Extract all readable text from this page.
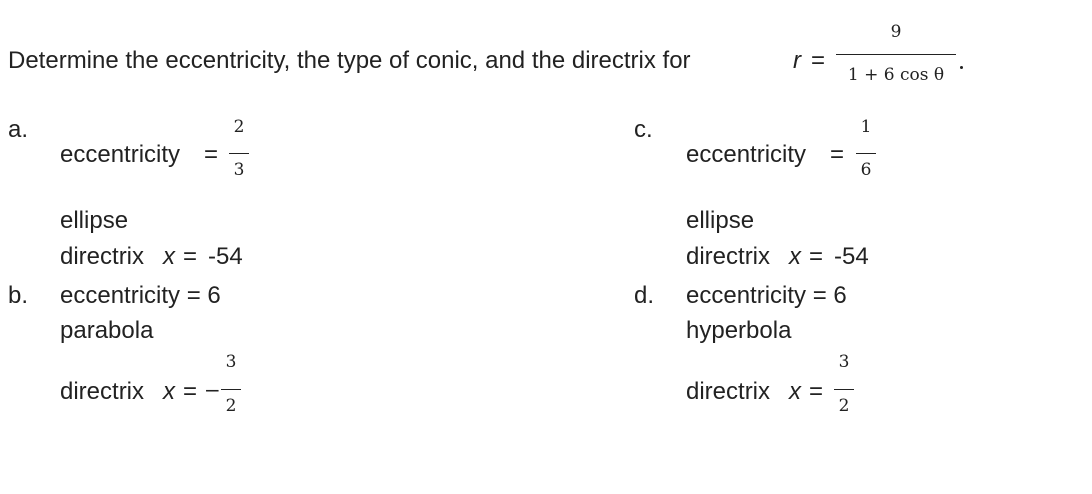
Determine the eccentricity, the type of conic, and the directrix for	r =
9
1 + 6 cos θ
a.
eccentricity =
2
3
ellipse
directrix x = -54
b. eccentricity = 6
parabola
directrix x = −
3
2
c.
eccentricity =
1
6
ellipse
directrix x = -54
d. eccentricity = 6
hyperbola
directrix x =
3
2
